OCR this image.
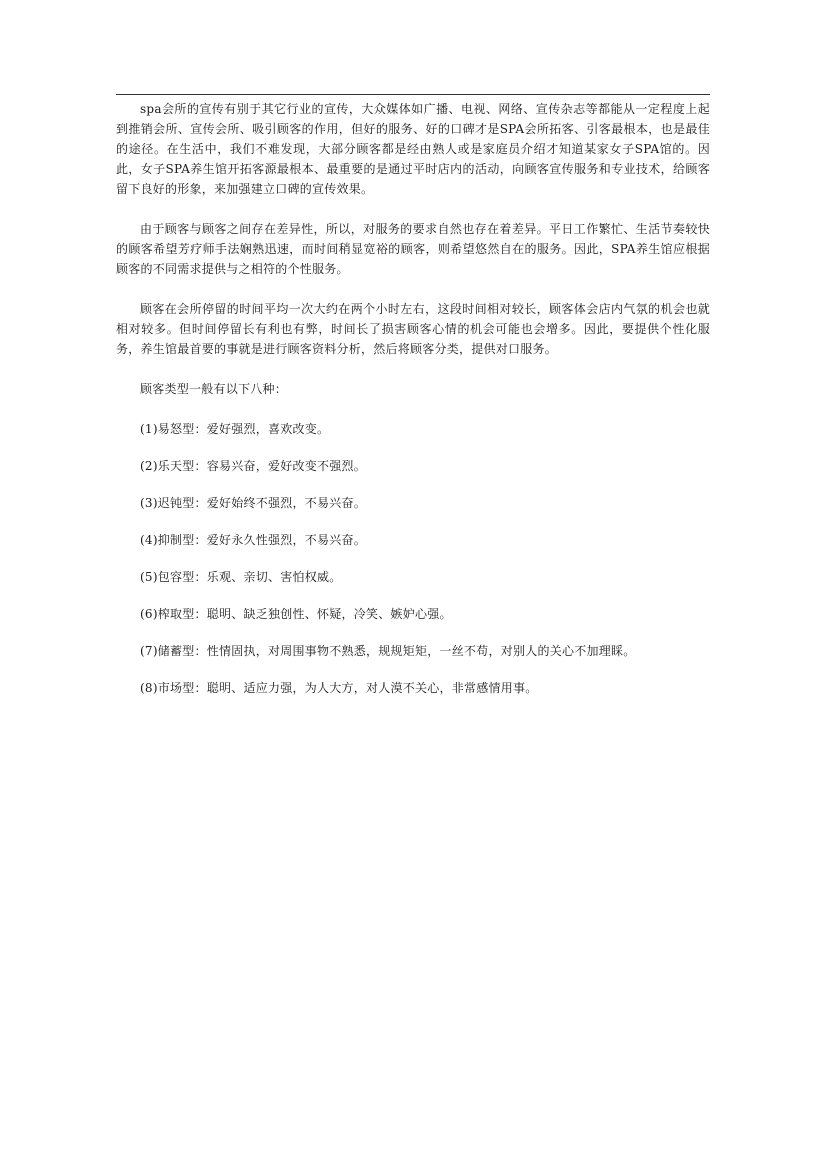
spa会所的宣传有别于其它行业的宣传，大众媒体如广播、电视、网络、宣传杂志等都能从一定程度上起到推销会所、宣传会所、吸引顾客的作用，但好的服务、好的口碑才是SPA会所拓客、引客最根本，也是最佳的途径。在生活中，我们不难发现，大部分顾客都是经由熟人或是家庭员介绍才知道某家女子SPA馆的。因此，女子SPA养生馆开拓客源最根本、最重要的是通过平时店内的活动，向顾客宣传服务和专业技术，给顾客留下良好的形象，来加强建立口碑的宣传效果。

由于顾客与顾客之间存在差异性，所以，对服务的要求自然也存在着差异。平日工作繁忙、生活节奏较快的顾客希望芳疗师手法娴熟迅速，而时间稍显宽裕的顾客，则希望悠然自在的服务。因此，SPA养生馆应根据顾客的不同需求提供与之相符的个性服务。

顾客在会所停留的时间平均一次大约在两个小时左右，这段时间相对较长，顾客体会店内气氛的机会也就相对较多。但时间停留长有利也有弊，时间长了损害顾客心情的机会可能也会增多。因此，要提供个性化服务，养生馆最首要的事就是进行顾客资料分析，然后将顾客分类，提供对口服务。

顾客类型一般有以下八种：

(1)易怒型：爱好强烈，喜欢改变。
(2)乐天型：容易兴奋，爱好改变不强烈。
(3)迟钝型：爱好始终不强烈，不易兴奋。
(4)抑制型：爱好永久性强烈，不易兴奋。
(5)包容型：乐观、亲切、害怕权威。
(6)榨取型：聪明、缺乏独创性、怀疑，冷笑、嫉妒心强。
(7)储蓄型：性情固执，对周围事物不熟悉，规规矩矩，一丝不苟，对别人的关心不加理睬。
(8)市场型：聪明、适应力强，为人大方，对人漠不关心，非常感情用事。
